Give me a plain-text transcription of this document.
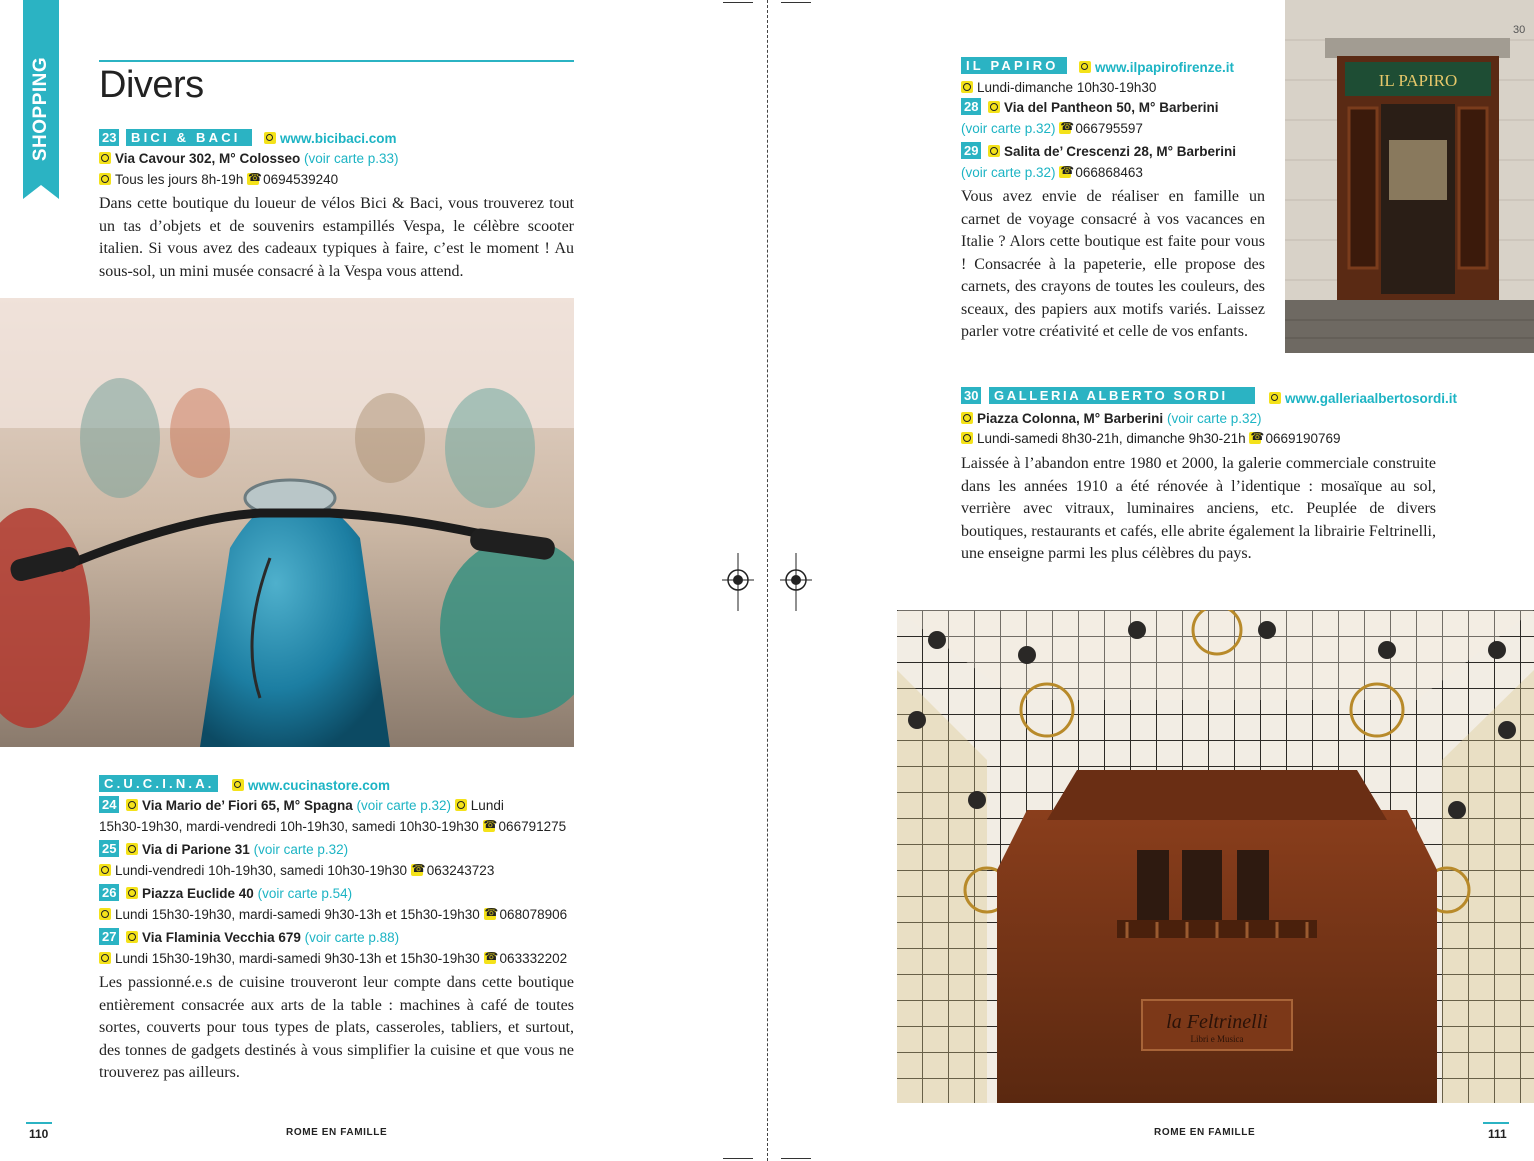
SHOPPING Divers
23	BICI & BACI	www.bicibaci.com
Via Cavour 302, M° Colosseo (voir carte p.33)
Tous les jours 8h-19h ☎ 0694539240
Dans cette boutique du loueur de vélos Bici & Baci, vous trouverez tout un tas d’objets et de souvenirs estampillés Vespa, le célèbre scooter italien. Si vous avez des cadeaux typiques à faire, c’est le moment ! Au sous-sol, un mini musée consacré à la Vespa vous attend.
C.U.C.I.N.A.	www.cucinastore.com
24	Via Mario de’ Fiori 65, M° Spagna (voir carte p.32) Lundi
15h30-19h30, mardi-vendredi 10h-19h30, samedi 10h30-19h30 ☎ 066791275
25	Via di Parione 31 (voir carte p.32)
Lundi-vendredi 10h-19h30, samedi 10h30-19h30 ☎ 063243723
26	Piazza Euclide 40 (voir carte p.54)
Lundi 15h30-19h30, mardi-samedi 9h30-13h et 15h30-19h30 ☎ 068078906
27	Via Flaminia Vecchia 679 (voir carte p.88)
Lundi 15h30-19h30, mardi-samedi 9h30-13h et 15h30-19h30 ☎ 063332202
Les passionné.e.s de cuisine trouveront leur compte dans cette boutique entièrement consacrée aux arts de la table : machines à café de toutes sortes, couverts pour tous types de plats, casseroles, tabliers, et surtout, des tonnes de gadgets destinés à vous simplifier la cuisine et que vous ne trouverez pas ailleurs.
110	ROME EN FAMILLE
IL PAPIRO	www.ilpapirofirenze.it
Lundi-dimanche 10h30-19h30
28	Via del Pantheon 50, M° Barberini
(voir carte p.32) ☎ 066795597
29	Salita de’ Crescenzi 28, M° Barberini
(voir carte p.32) ☎ 066868463
Vous avez envie de réaliser en famille un carnet de voyage consacré à vos vacances en Italie ? Alors cette boutique est faite pour vous ! Consacrée à la papeterie, elle propose des carnets, des crayons de toutes les couleurs, des sceaux, des papiers aux motifs variés. Laissez parler votre créativité et celle de vos enfants.
IL PAPIRO
30
30	GALLERIA ALBERTO SORDI	www.galleriaalbertosordi.it
Piazza Colonna, M° Barberini (voir carte p.32)
Lundi-samedi 8h30-21h, dimanche 9h30-21h ☎ 0669190769
Laissée à l’abandon entre 1980 et 2000, la galerie commerciale construite dans les années 1910 a été rénovée à l’identique : mosaïque au sol, verrière avec vitraux, luminaires anciens, etc. Peuplée de divers boutiques, restaurants et cafés, elle abrite également la librairie Feltrinelli, une enseigne parmi les plus célèbres du pays.
la Feltrinelli
Libri e Musica
ROME EN FAMILLE	111
